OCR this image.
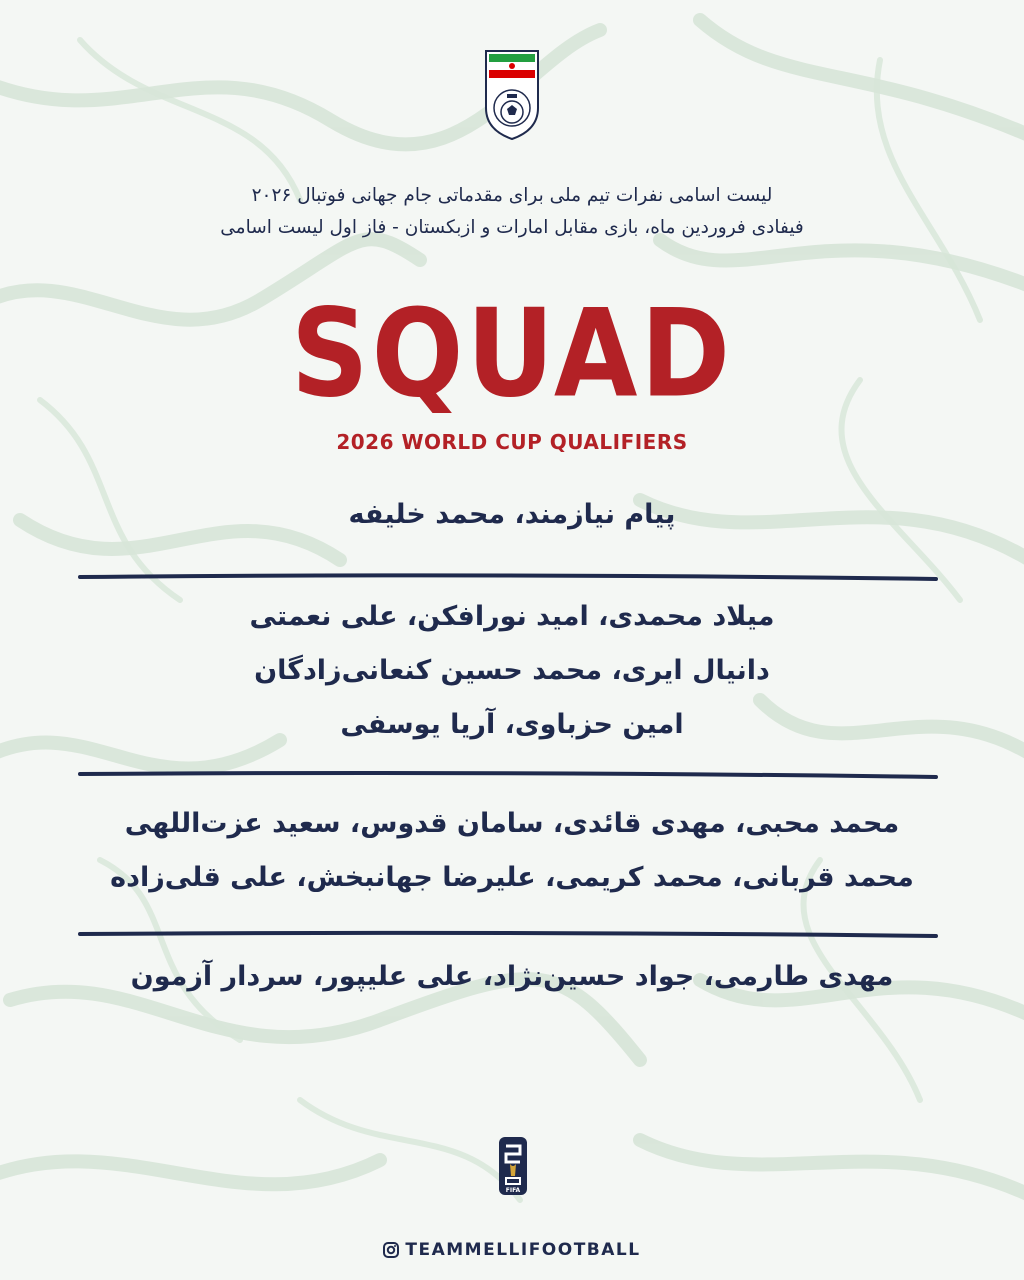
لیست اسامی نفرات تیم ملی برای مقدماتی جام جهانی فوتبال ۲۰۲۶
فیفادی فروردین ماه، بازی مقابل امارات و ازبکستان - فاز اول لیست اسامی
SQUAD
2026 WORLD CUP QUALIFIERS
پیام نیازمند، محمد خلیفه
میلاد محمدی، امید نورافکن، علی نعمتی
دانیال ایری، محمد حسین کنعانی‌زادگان
امین حزباوی، آریا یوسفی
محمد محبی، مهدی قائدی، سامان قدوس، سعید عزت‌اللهی
محمد قربانی، محمد کریمی، علیرضا جهانبخش، علی قلی‌زاده
مهدی طارمی، جواد حسین‌نژاد، علی علیپور، سردار آزمون
FIFA
TEAMMELLIFOOTBALL
